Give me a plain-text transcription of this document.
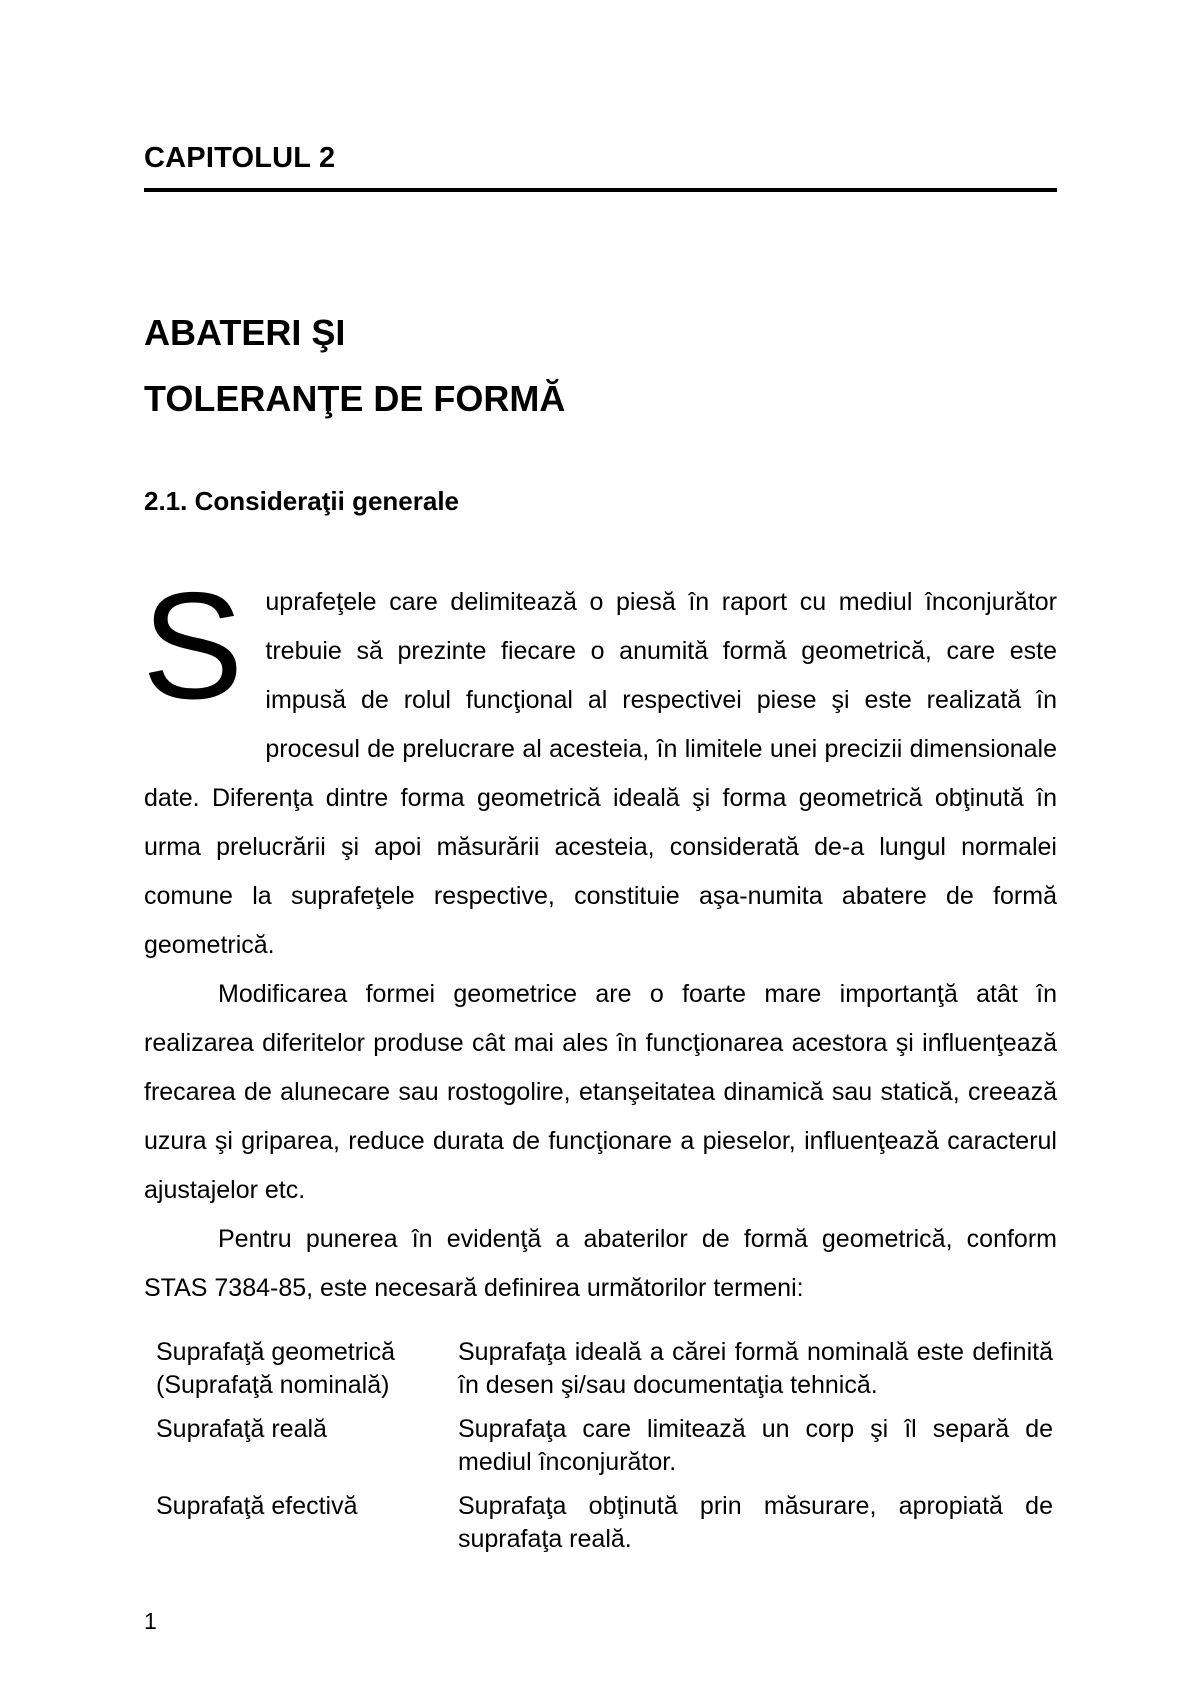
CAPITOLUL 2
ABATERI ŞI
TOLERANŢE DE FORMĂ
2.1. Consideraţii generale
S uprafeţele care delimitează o piesă în raport cu mediul înconjurător trebuie să prezinte fiecare o anumită formă geometrică, care este impusă de rolul funcţional al respectivei piese şi este realizată în procesul de prelucrare al acesteia, în limitele unei precizii dimensionale date. Diferenţa dintre forma geometrică ideală şi forma geometrică obţinută în urma prelucrării şi apoi măsurării acesteia, considerată de-a lungul normalei comune la suprafeţele respective, constituie aşa-numita abatere de formă geometrică.

Modificarea formei geometrice are o foarte mare importanţă atât în realizarea diferitelor produse cât mai ales în funcţionarea acestora şi influenţează frecarea de alunecare sau rostogolire, etanşeitatea dinamică sau statică, creează uzura şi griparea, reduce durata de funcţionare a pieselor, influenţează caracterul ajustajelor etc.

Pentru punerea în evidenţă a abaterilor de formă geometrică, conform STAS 7384-85, este necesară definirea următorilor termeni:

Suprafaţă geometrică
(Suprafaţă nominală)	Suprafaţa ideală a cărei formă nominală este definită în desen şi/sau documentaţia tehnică.
Suprafaţă reală	Suprafaţa care limitează un corp şi îl separă de mediul înconjurător.
Suprafaţă efectivă	Suprafaţa obţinută prin măsurare, apropiată de suprafaţa reală.
1
